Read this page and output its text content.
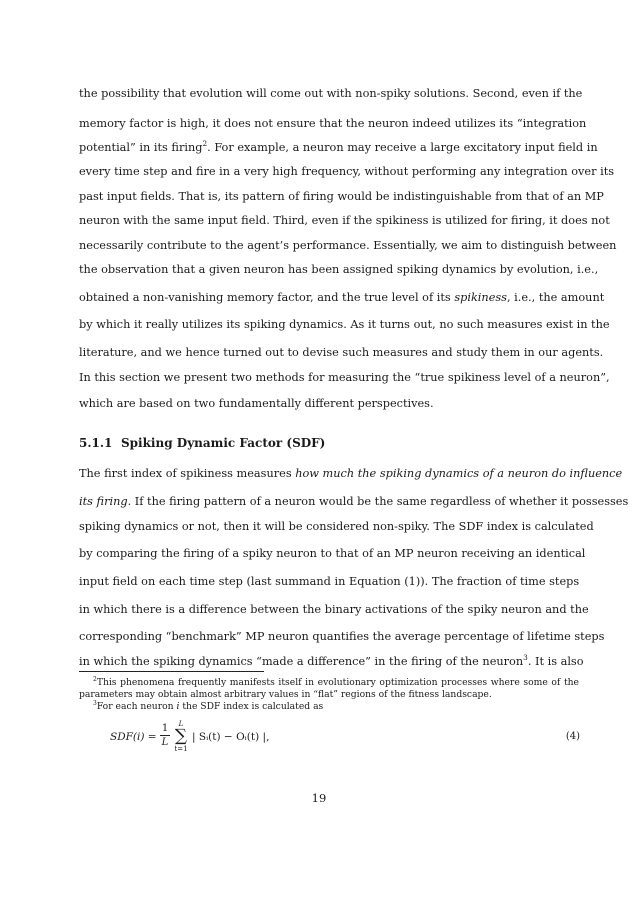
the possibility that evolution will come out with non-spiky solutions. Second, even if the
memory factor is high, it does not ensure that the neuron indeed utilizes its “integration
potential” in its firing$^2$. For example, a neuron may receive a large excitatory input field in
every time step and fire in a very high frequency, without performing any integration over its
past input fields. That is, its pattern of firing would be indistinguishable from that of an MP
neuron with the same input field. Third, even if the spikiness is utilized for firing, it does not
necessarily contribute to the agent’s performance. Essentially, we aim to distinguish between
the observation that a given neuron has been assigned spiking dynamics by evolution, i.e.,
obtained a non-vanishing memory factor, and the true level of its spikiness, i.e., the amount
by which it really utilizes its spiking dynamics. As it turns out, no such measures exist in the
literature, and we hence turned out to devise such measures and study them in our agents.
In this section we present two methods for measuring the “true spikiness level of a neuron”,
which are based on two fundamentally different perspectives.
5.1.1 Spiking Dynamic Factor (SDF)
The first index of spikiness measures how much the spiking dynamics of a neuron do influence
its firing. If the firing pattern of a neuron would be the same regardless of whether it possesses
spiking dynamics or not, then it will be considered non-spiky. The SDF index is calculated
by comparing the firing of a spiky neuron to that of an MP neuron receiving an identical
input field on each time step (last summand in Equation (1)). The fraction of time steps
in which there is a difference between the binary activations of the spiky neuron and the
corresponding “benchmark” MP neuron quantifies the average percentage of lifetime steps
in which the spiking dynamics “made a difference” in the firing of the neuron$^3$. It is also
$^2$This phenomena frequently manifests itself in evolutionary optimization processes where some of the
parameters may obtain almost arbitrary values in “flat” regions of the fitness landscape.
$^3$For each neuron i the SDF index is calculated as
SDF(i) =
1
L
L
∑
t=1
| Sᵢ(t) − Oᵢ(t) |,	(4)
19
